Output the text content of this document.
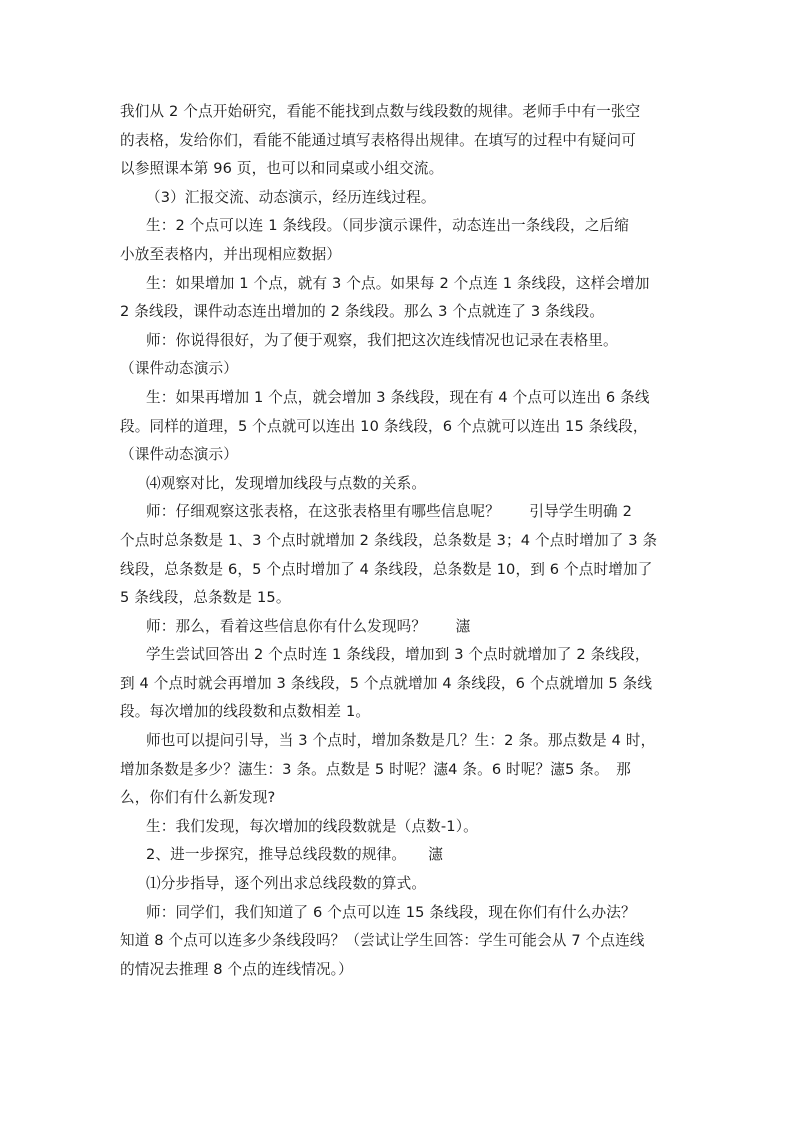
我们从 2 个点开始研究，看能不能找到点数与线段数的规律。老师手中有一张空
的表格，发给你们，看能不能通过填写表格得出规律。在填写的过程中有疑问可
以参照课本第 96 页，也可以和同桌或小组交流。
（3）汇报交流、动态演示，经历连线过程。
生：2 个点可以连 1 条线段。（同步演示课件，动态连出一条线段，之后缩
小放至表格内，并出现相应数据）
生：如果增加 1 个点，就有 3 个点。如果每 2 个点连 1 条线段，这样会增加
2 条线段，课件动态连出增加的 2 条线段。那么 3 个点就连了 3 条线段。
师：你说得很好，为了便于观察，我们把这次连线情况也记录在表格里。
（课件动态演示）
生：如果再增加 1 个点，就会增加 3 条线段，现在有 4 个点可以连出 6 条线
段。同样的道理，5 个点就可以连出 10 条线段，6 个点就可以连出 15 条线段，
（课件动态演示）
⑷观察对比，发现增加线段与点数的关系。
师：仔细观察这张表格，在这张表格里有哪些信息呢？　　引导学生明确 2
个点时总条数是 1、3 个点时就增加 2 条线段，总条数是 3；4 个点时增加了 3 条
线段，总条数是 6，5 个点时增加了 4 条线段，总条数是 10，到 6 个点时增加了
5 条线段，总条数是 15。
师：那么，看着这些信息你有什么发现吗？　　瀗
学生尝试回答出 2 个点时连 1 条线段，增加到 3 个点时就增加了 2 条线段，
到 4 个点时就会再增加 3 条线段，5 个点就增加 4 条线段，6 个点就增加 5 条线
段。每次增加的线段数和点数相差 1。
师也可以提问引导，当 3 个点时，增加条数是几？生：2 条。那点数是 4 时，
增加条数是多少？瀗生：3 条。点数是 5 时呢？瀗4 条。6 时呢？瀗5 条。　那
么，你们有什么新发现?
生：我们发现，每次增加的线段数就是（点数-1）。
2、进一步探究，推导总线段数的规律。　　瀗
⑴分步指导，逐个列出求总线段数的算式。
师：同学们，我们知道了 6 个点可以连 15 条线段，现在你们有什么办法？
知道 8 个点可以连多少条线段吗？（尝试让学生回答：学生可能会从 7 个点连线
的情况去推理 8 个点的连线情况。）
